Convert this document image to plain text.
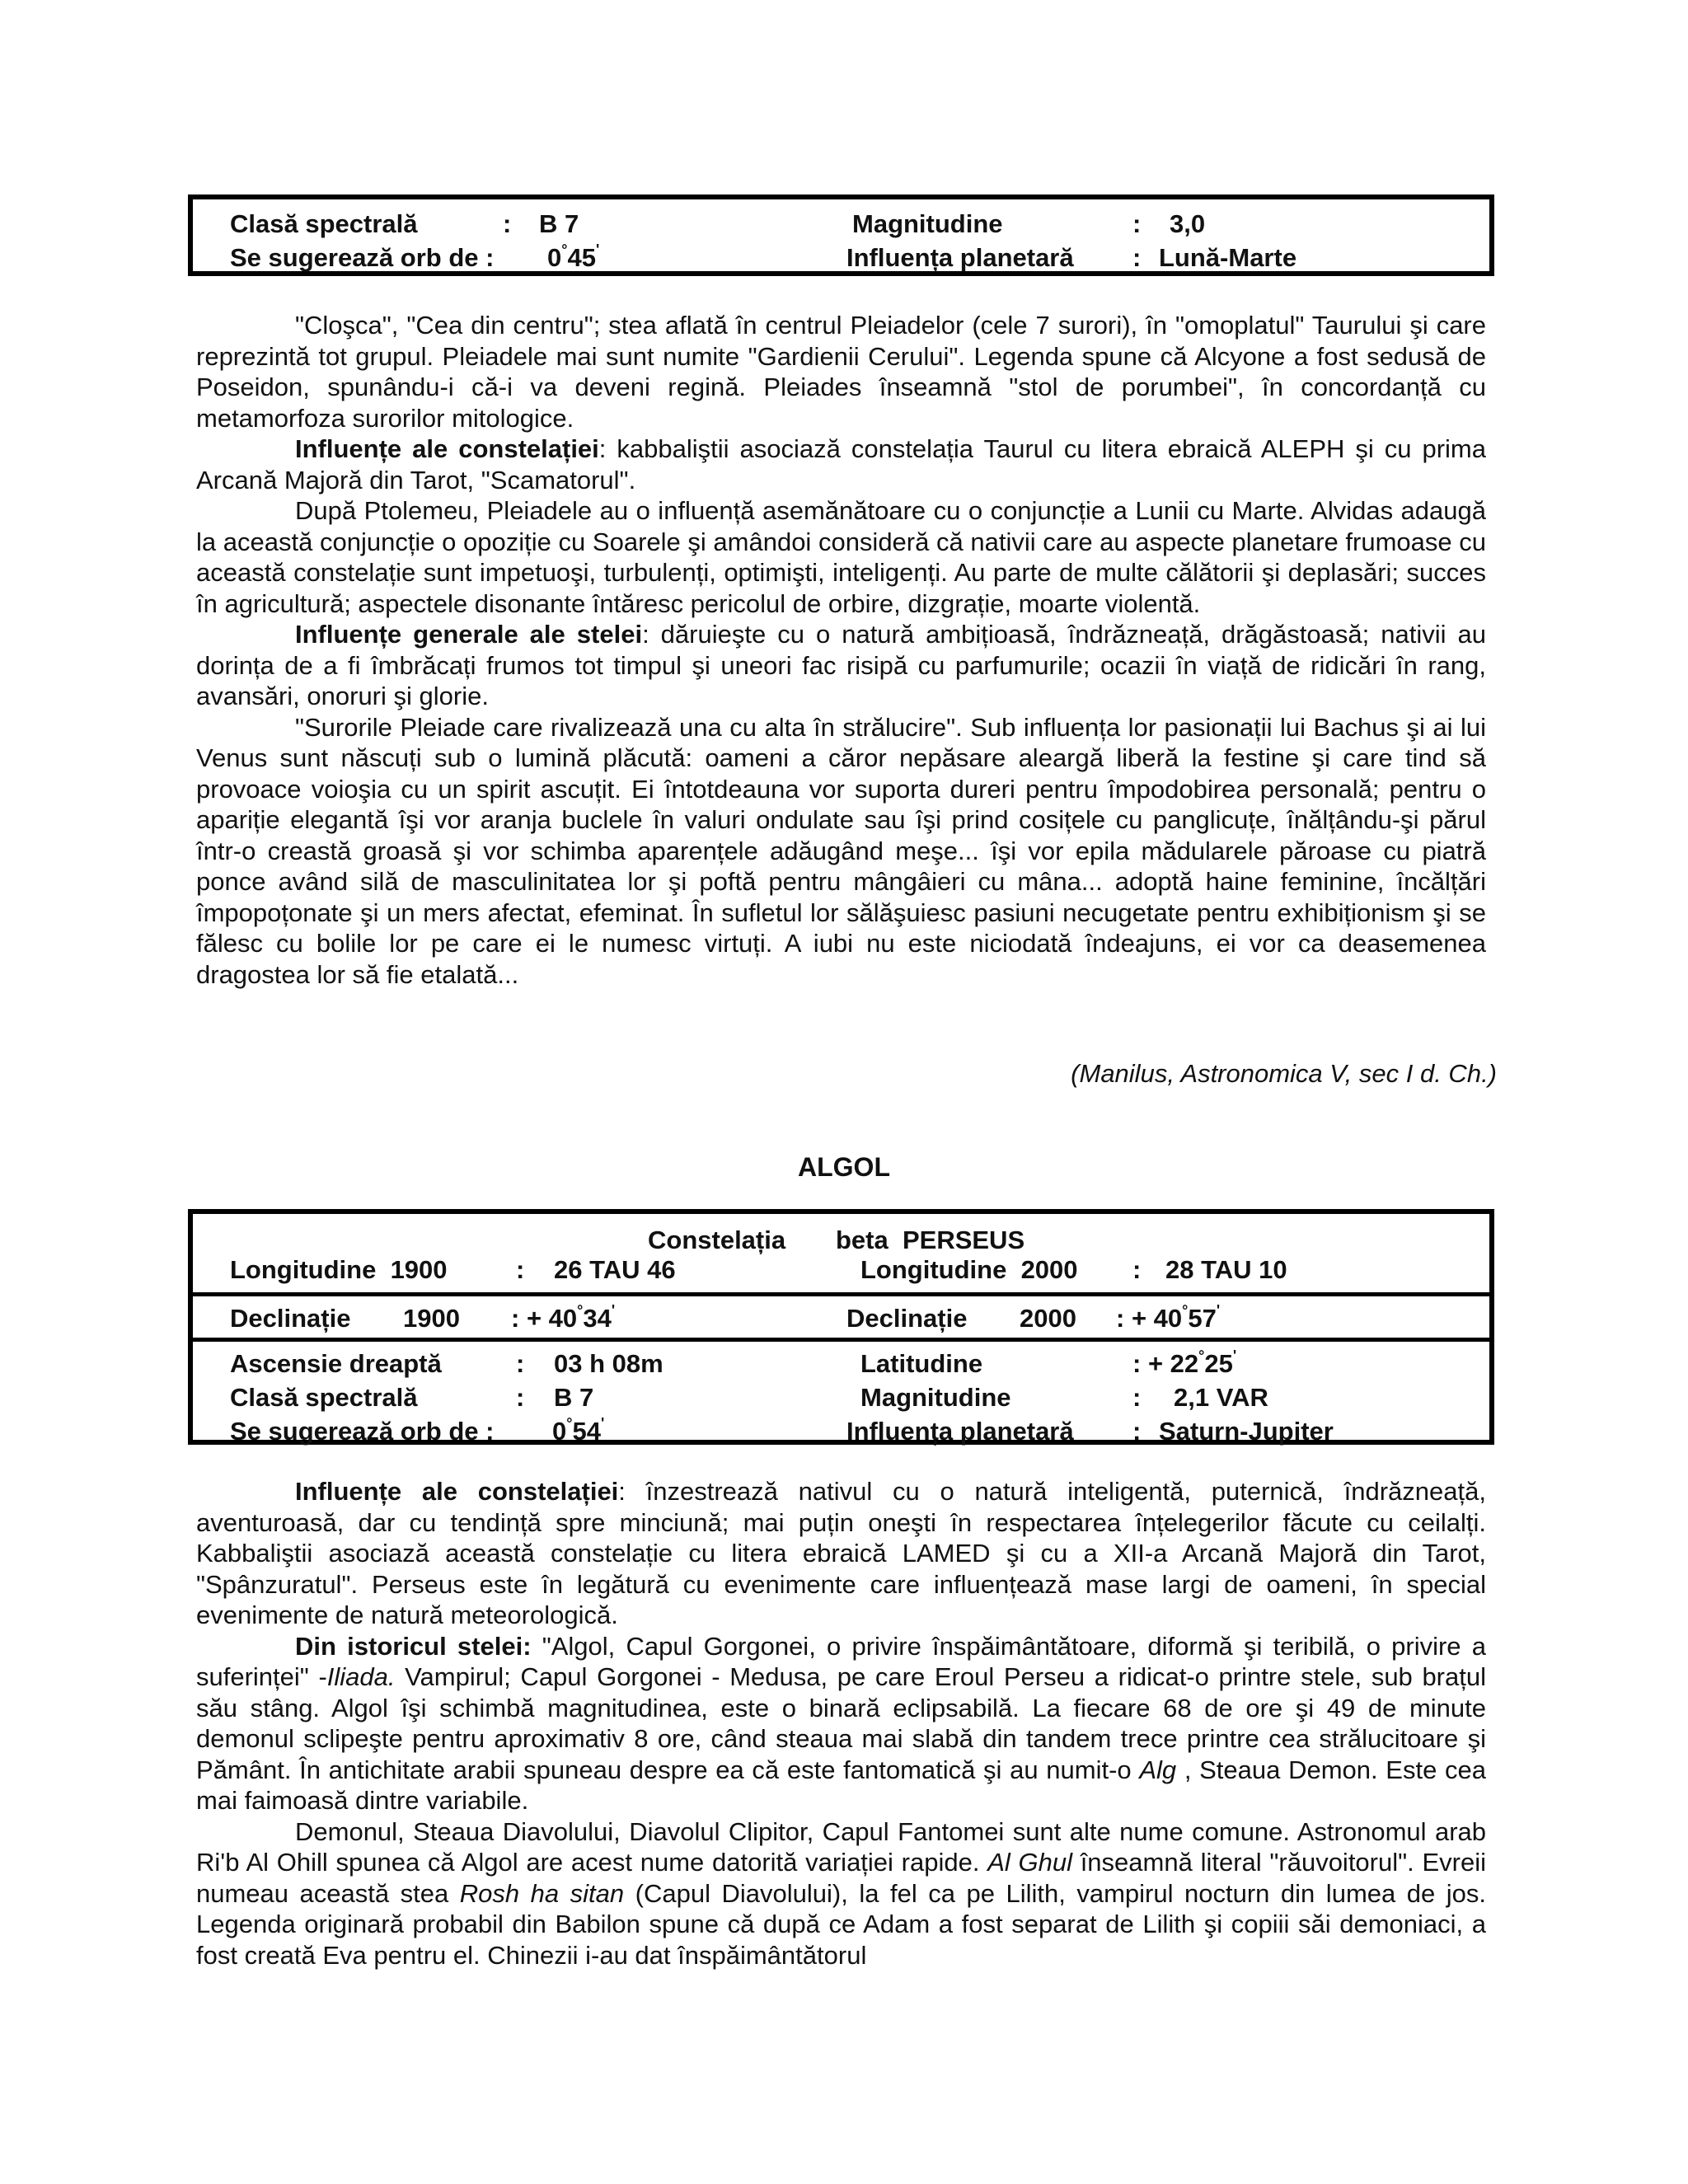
Clasă spectrală	: B 7	Magnitudine	: 3,0
Se sugerează orb de : 0°45'	Influența planetară : Lună-Marte

"Cloşca", "Cea din centru"; stea aflată în centrul Pleiadelor (cele 7 surori), în "omoplatul" Taurului şi care reprezintă tot grupul. Pleiadele mai sunt numite "Gardienii Cerului". Legenda spune că Alcyone a fost sedusă de Poseidon, spunându-i că-i va deveni regină. Pleiades înseamnă "stol de porumbei", în concordanță cu metamorfoza surorilor mitologice.

Influențe ale constelației: kabbaliştii asociază constelația Taurul cu litera ebraică ALEPH şi cu prima Arcană Majoră din Tarot, "Scamatorul".

După Ptolemeu, Pleiadele au o influență asemănătoare cu o conjuncție a Lunii cu Marte. Alvidas adaugă la această conjuncție o opoziție cu Soarele şi amândoi consideră că nativii care au aspecte planetare frumoase cu această constelație sunt impetuoşi, turbulenți, optimişti, inteligenți. Au parte de multe călătorii şi deplasări; succes în agricultură; aspectele disonante întăresc pericolul de orbire, dizgrație, moarte violentă.

Influențe generale ale stelei: dăruieşte cu o natură ambițioasă, îndrăzneață, drăgăstoasă; nativii au dorința de a fi îmbrăcați frumos tot timpul şi uneori fac risipă cu parfumurile; ocazii în viață de ridicări în rang, avansări, onoruri şi glorie.

"Surorile Pleiade care rivalizează una cu alta în strălucire". Sub influența lor pasionații lui Bachus şi ai lui Venus sunt născuți sub o lumină plăcută: oameni a căror nepăsare aleargă liberă la festine şi care tind să provoace voioşia cu un spirit ascuțit. Ei întotdeauna vor suporta dureri pentru împodobirea personală; pentru o apariție elegantă îşi vor aranja buclele în valuri ondulate sau îşi prind cosițele cu panglicuțe, înălțându-şi părul într-o creastă groasă şi vor schimba aparențele adăugând meşe... îşi vor epila mădularele păroase cu piatră ponce având silă de masculinitatea lor şi poftă pentru mângâieri cu mâna... adoptă haine feminine, încălțări împopoțonate şi un mers afectat, efeminat. În sufletul lor sălăşuiesc pasiuni necugetate pentru exhibiționism şi se fălesc cu bolile lor pe care ei le numesc virtuți. A iubi nu este niciodată îndeajuns, ei vor ca deasemenea dragostea lor să fie etalată...

(Manilus, Astronomica V, sec I d. Ch.)
ALGOL
Constelația beta  PERSEUS
Longitudine  1900	: 26 TAU 46	Longitudine  2000 : 28 TAU 10
Declinație 1900 : + 40°34'	Declinație 2000 : + 40°57'
Ascensie dreaptă	: 03 h 08m	Latitudine	: + 22°25'
Clasă spectrală	: B 7	Magnitudine	: 2,1 VAR
Se sugerează orb de : 0°54'	Influența planetară : Saturn-Jupiter

Influențe ale constelației: înzestrează nativul cu o natură inteligentă, puternică, îndrăzneață, aventuroasă, dar cu tendință spre minciună; mai puțin oneşti în respectarea înțelegerilor făcute cu ceilalți. Kabbaliştii asociază această constelație cu litera ebraică LAMED şi cu a XII-a Arcană Majoră din Tarot, "Spânzuratul". Perseus este în legătură cu evenimente care influențează mase largi de oameni, în special evenimente de natură meteorologică.

Din istoricul stelei: "Algol, Capul Gorgonei, o privire înspăimântătoare, diformă şi teribilă, o privire a suferinței" -Iliada. Vampirul; Capul Gorgonei - Medusa, pe care Eroul Perseu a ridicat-o printre stele, sub brațul său stâng. Algol îşi schimbă magnitudinea, este o binară eclipsabilă. La fiecare 68 de ore şi 49 de minute demonul sclipeşte pentru aproximativ 8 ore, când steaua mai slabă din tandem trece printre cea strălucitoare şi Pământ. În antichitate arabii spuneau despre ea că este fantomatică şi au numit-o Alg , Steaua Demon. Este cea mai faimoasă dintre variabile.

Demonul, Steaua Diavolului, Diavolul Clipitor, Capul Fantomei sunt alte nume comune. Astronomul arab Ri'b Al Ohill spunea că Algol are acest nume datorită variației rapide. Al Ghul înseamnă literal "răuvoitorul". Evreii numeau această stea Rosh ha sitan (Capul Diavolului), la fel ca pe Lilith, vampirul nocturn din lumea de jos. Legenda originară probabil din Babilon spune că după ce Adam a fost separat de Lilith şi copiii săi demoniaci, a fost creată Eva pentru el. Chinezii i-au dat înspăimântătorul
